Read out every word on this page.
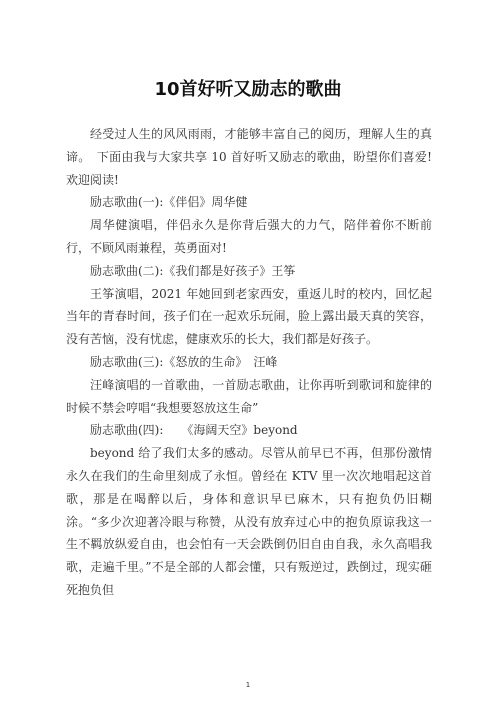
10首好听又励志的歌曲

经受过人生的风风雨雨，才能够丰富自己的阅历，理解人生的真谛。　下面由我与大家共享 10 首好听又励志的歌曲，盼望你们喜爱!欢迎阅读!

励志歌曲(一):《伴侣》周华健

周华健演唱，伴侣永久是你背后强大的力气，陪伴着你不断前行，不顾风雨兼程，英勇面对!

励志歌曲(二):《我们都是好孩子》王筝

王筝演唱，2021 年她回到老家西安，重返儿时的校内，回忆起当年的青春时间，孩子们在一起欢乐玩闹，脸上露出最天真的笑容，没有苦恼，没有忧虑，健康欢乐的长大，我们都是好孩子。

励志歌曲(三):《怒放的生命》　汪峰

汪峰演唱的一首歌曲，一首励志歌曲，让你再听到歌词和旋律的时候不禁会哼唱“我想要怒放这生命”

励志歌曲(四):　　《海阔天空》beyond

beyond 给了我们太多的感动。尽管从前早已不再，但那份激情永久在我们的生命里刻成了永恒。曾经在 KTV 里一次次地唱起这首歌，那是在喝醉以后，身体和意识早已麻木，只有抱负仍旧糊涂。“多少次迎著冷眼与称赞，从没有放弃过心中的抱负原谅我这一生不羁放纵爱自由，也会怕有一天会跌倒仍旧自由自我，永久高唱我歌，走遍千里。”不是全部的人都会懂，只有叛逆过，跌倒过，现实砸死抱负但

1
